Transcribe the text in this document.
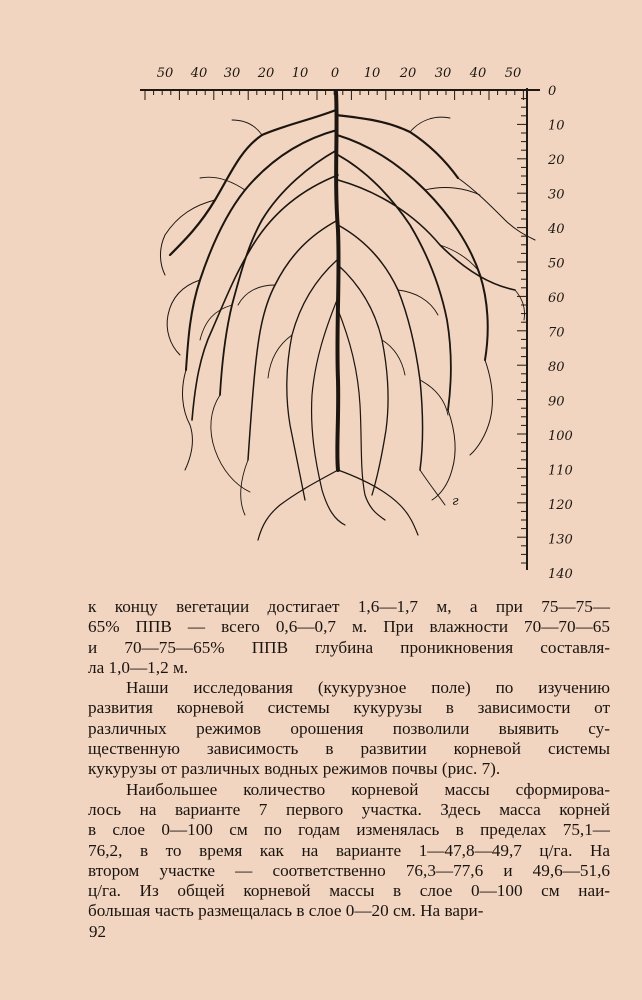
50 40 30 20 10 0 10 20 30 40 50
0
10
20
30
40
50
60
70
80
90
100
110
120
130
140
г

к концу вегетации достигает 1,6—1,7 м, а при 75—75—
65% ППВ — всего 0,6—0,7 м. При влажности 70—70—65
и 70—75—65% ППВ глубина проникновения составля-
ла 1,0—1,2 м.

Наши исследования (кукурузное поле) по изучению
развития корневой системы кукурузы в зависимости от
различных режимов орошения позволили выявить су-
щественную зависимость в развитии корневой системы
кукурузы от различных водных режимов почвы (рис. 7).

Наибольшее количество корневой массы сформирова-
лось на варианте 7 первого участка. Здесь масса корней
в слое 0—100 см по годам изменялась в пределах 75,1—
76,2, в то время как на варианте 1—47,8—49,7 ц/га. На
втором участке — соответственно 76,3—77,6 и 49,6—51,6
ц/га. Из общей корневой массы в слое 0—100 см наи-
большая часть размещалась в слое 0—20 см. На вари-

92
